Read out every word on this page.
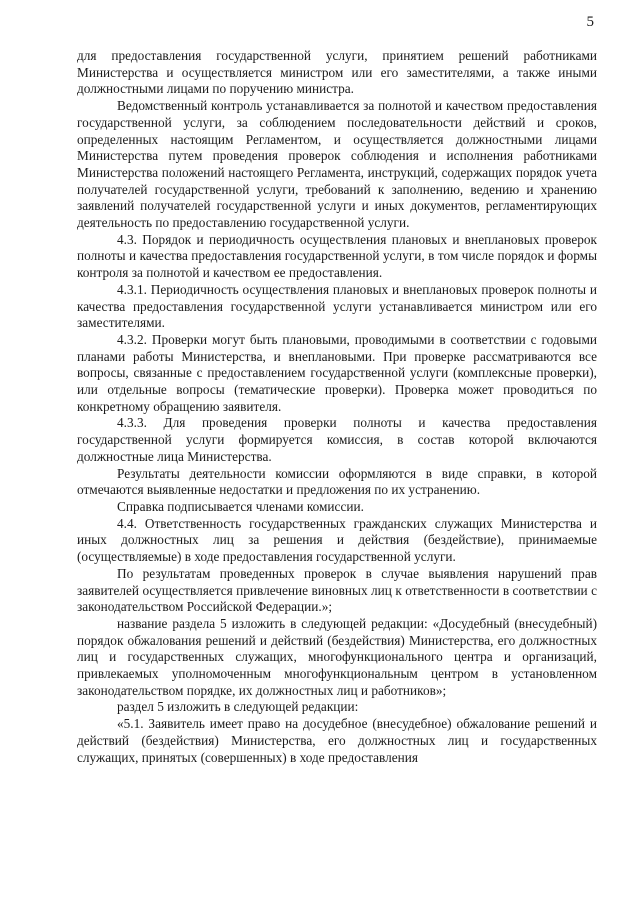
5

для предоставления государственной услуги, принятием решений работниками Министерства и осуществляется министром или его заместителями, а также иными должностными лицами по поручению министра.

Ведомственный контроль устанавливается за полнотой и качеством предоставления государственной услуги, за соблюдением последовательности действий и сроков, определенных настоящим Регламентом, и осуществляется должностными лицами Министерства путем проведения проверок соблюдения и исполнения работниками Министерства положений настоящего Регламента, инструкций, содержащих порядок учета получателей государственной услуги, требований к заполнению, ведению и хранению заявлений получателей государственной услуги и иных документов, регламентирующих деятельность по предоставлению государственной услуги.

4.3. Порядок и периодичность осуществления плановых и внеплановых проверок полноты и качества предоставления государственной услуги, в том числе порядок и формы контроля за полнотой и качеством ее предоставления.

4.3.1. Периодичность осуществления плановых и внеплановых проверок полноты и качества предоставления государственной услуги устанавливается министром или его заместителями.

4.3.2. Проверки могут быть плановыми, проводимыми в соответствии с годовыми планами работы Министерства, и внеплановыми. При проверке рассматриваются все вопросы, связанные с предоставлением государственной услуги (комплексные проверки), или отдельные вопросы (тематические проверки). Проверка может проводиться по конкретному обращению заявителя.

4.3.3. Для проведения проверки полноты и качества предоставления государственной услуги формируется комиссия, в состав которой включаются должностные лица Министерства.

Результаты деятельности комиссии оформляются в виде справки, в которой отмечаются выявленные недостатки и предложения по их устранению.

Справка подписывается членами комиссии.

4.4. Ответственность государственных гражданских служащих Министерства и иных должностных лиц за решения и действия (бездействие), принимаемые (осуществляемые) в ходе предоставления государственной услуги.

По результатам проведенных проверок в случае выявления нарушений прав заявителей осуществляется привлечение виновных лиц к ответственности в соответствии с законодательством Российской Федерации.»;

название раздела 5 изложить в следующей редакции: «Досудебный (внесудебный) порядок обжалования решений и действий (бездействия) Министерства, его должностных лиц и государственных служащих, многофункционального центра и организаций, привлекаемых уполномоченным многофункциональным центром в установленном законодательством порядке, их должностных лиц и работников»;

раздел 5 изложить в следующей редакции:

«5.1. Заявитель имеет право на досудебное (внесудебное) обжалование решений и действий (бездействия) Министерства, его должностных лиц и государственных служащих, принятых (совершенных) в ходе предоставления
